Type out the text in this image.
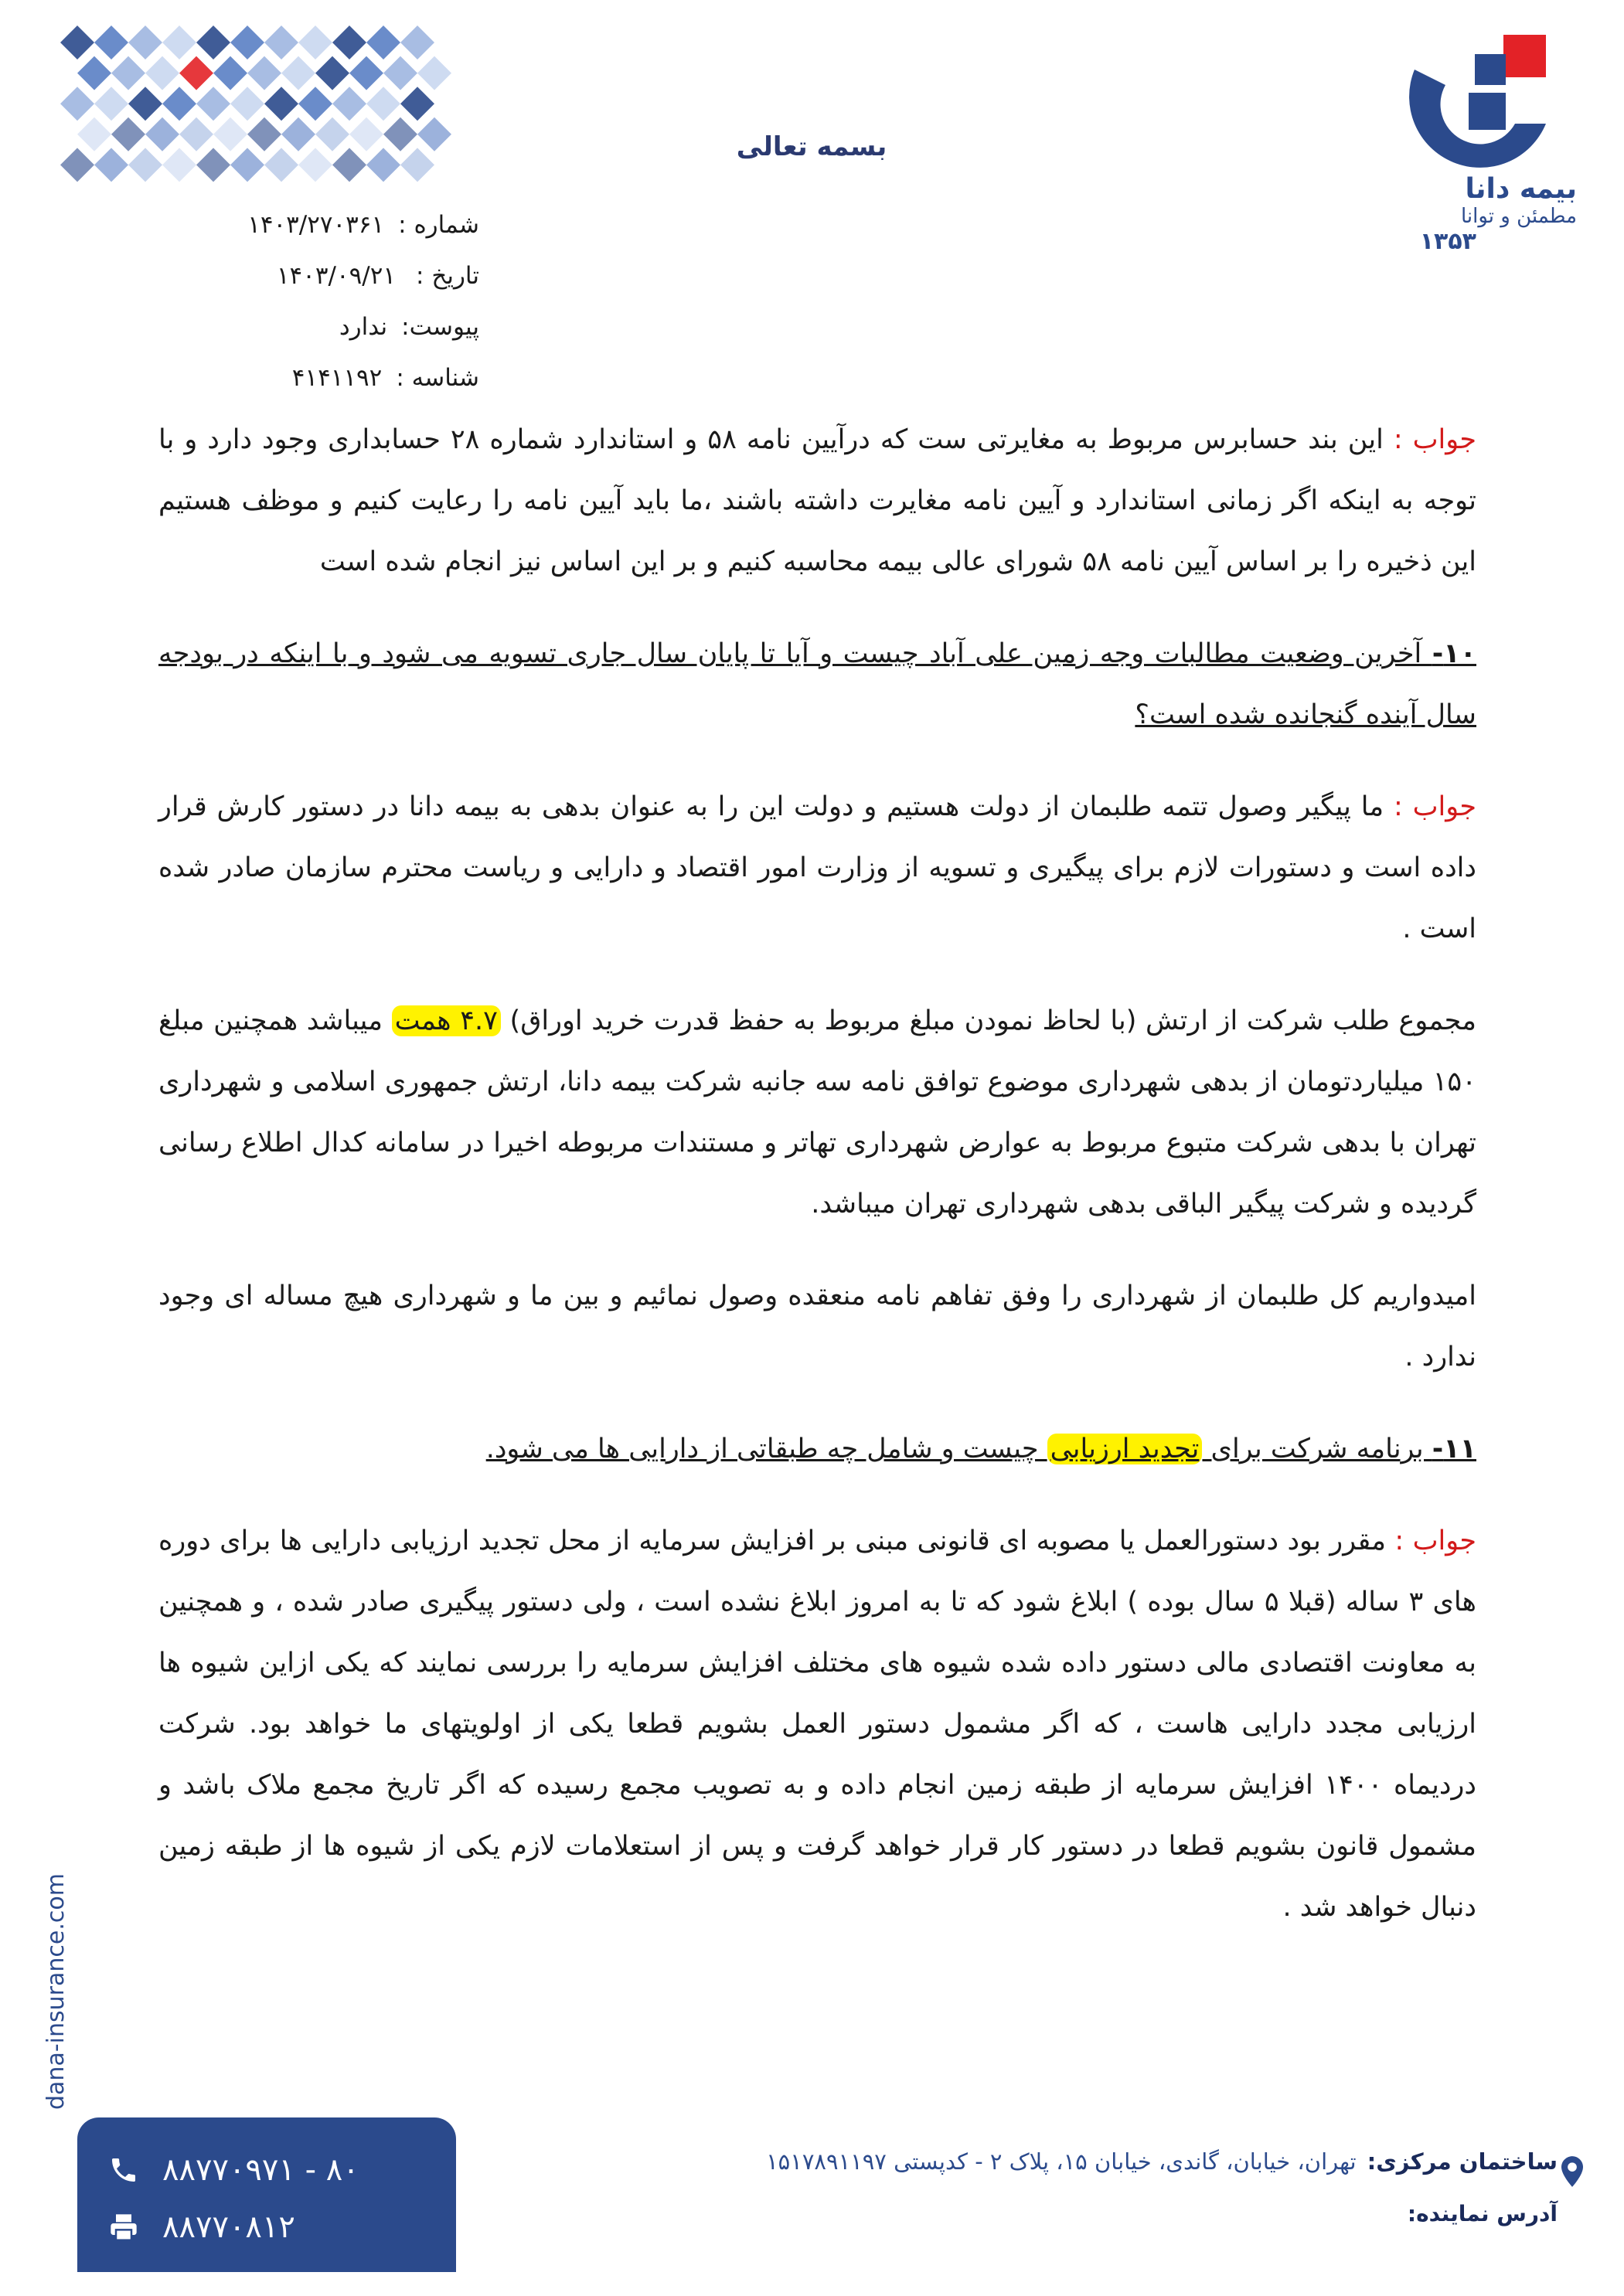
بیمه دانا
مطمئن و توانا
۱۳۵۳
بسمه تعالی
شماره :
۱۴۰۳/۲۷۰۳۶۱
تاریخ :
۱۴۰۳/۰۹/۲۱
پیوست:
ندارد
شناسه :
۴۱۴۱۱۹۲

جواب : این بند حسابرس مربوط به مغایرتی ست که درآیین نامه ۵۸ و استاندارد شماره ۲۸ حسابداری وجود دارد و با توجه به اینکه اگر زمانی استاندارد و آیین نامه مغایرت داشته باشند ،ما باید آیین نامه را رعایت کنیم و موظف هستیم این ذخیره را بر اساس آیین نامه ۵۸ شورای عالی بیمه محاسبه کنیم و بر این اساس نیز انجام شده است

۱۰- آخرین وضعیت مطالبات وجه زمین علی آباد چیست و آیا تا پایان سال جاری تسویه می شود و با اینکه در بودجه سال آینده گنجانده شده است؟

جواب : ما پیگیر وصول تتمه طلبمان از دولت هستیم و دولت این را به عنوان بدهی به بیمه دانا در دستور کارش قرار داده است و دستورات لازم برای پیگیری و تسویه از وزارت امور اقتصاد و دارایی و ریاست محترم سازمان صادر شده است .

مجموع طلب شرکت از ارتش (با لحاظ نمودن مبلغ مربوط به حفظ قدرت خرید اوراق) ۴.۷ همت میباشد همچنین مبلغ ۱۵۰ میلیاردتومان از بدهی شهرداری موضوع توافق نامه سه جانبه شرکت بیمه دانا، ارتش جمهوری اسلامی و شهرداری تهران با بدهی شرکت متبوع مربوط به عوارض شهرداری تهاتر و مستندات مربوطه اخیرا در سامانه کدال اطلاع رسانی گردیده و شرکت پیگیر الباقی بدهی شهرداری تهران میباشد.

امیدواریم کل طلبمان از شهرداری را وفق تفاهم نامه منعقده وصول نمائیم و بین ما و شهرداری هیچ مساله ای وجود ندارد .

۱۱- برنامه شرکت برای تجدید ارزیابی چیست و شامل چه طبقاتی از دارایی ها می شود.

جواب : مقرر بود دستورالعمل یا مصوبه ای قانونی مبنی بر افزایش سرمایه از محل تجدید ارزیابی دارایی ها برای دوره های ۳ ساله (قبلا ۵ سال بوده ) ابلاغ شود که تا به امروز ابلاغ نشده است ، ولی دستور پیگیری صادر شده ، و همچنین به معاونت اقتصادی مالی دستور داده شده شیوه های مختلف افزایش سرمایه را بررسی نمایند که یکی ازاین شیوه ها ارزیابی مجدد دارایی هاست ، که اگر مشمول دستور العمل بشویم قطعا یکی از اولویتهای ما خواهد بود. شرکت دردیماه ۱۴۰۰ افزایش سرمایه از طبقه زمین انجام داده و به تصویب مجمع رسیده که اگر تاریخ مجمع ملاک باشد و مشمول قانون بشویم قطعا در دستور کار قرار خواهد گرفت و پس از استعلامات لازم یکی از شیوه ها از طبقه زمین دنبال خواهد شد .

dana-insurance.com
۸۸۷۷۰۹۷۱ - ۸۰
۸۸۷۷۰۸۱۲
ساختمان مرکزی:
تهران، خیابان، گاندی، خیابان ۱۵، پلاک ۲ - کدپستی ۱۵۱۷۸۹۱۱۹۷
آدرس نماینده:
